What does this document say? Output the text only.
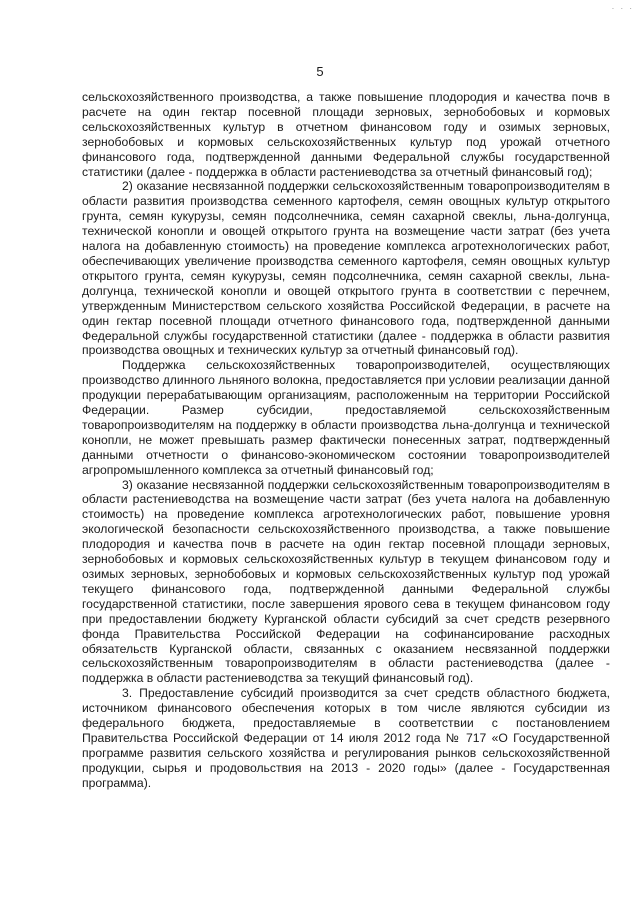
· · ·
5

сельскохозяйственного производства, а также повышение плодородия и качества почв в расчете на один гектар посевной площади зерновых, зернобобовых и кормовых сельскохозяйственных культур в отчетном финансовом году и озимых зерновых, зернобобовых и кормовых сельскохозяйственных культур под урожай отчетного финансового года, подтвержденной данными Федеральной службы государственной статистики (далее - поддержка в области растениеводства за отчетный финансовый год);

2) оказание несвязанной поддержки сельскохозяйственным товаропроизводителям в области развития производства семенного картофеля, семян овощных культур открытого грунта, семян кукурузы, семян подсолнечника, семян сахарной свеклы, льна-долгунца, технической конопли и овощей открытого грунта на возмещение части затрат (без учета налога на добавленную стоимость) на проведение комплекса агротехнологических работ, обеспечивающих увеличение производства семенного картофеля, семян овощных культур открытого грунта, семян кукурузы, семян подсолнечника, семян сахарной свеклы, льна-долгунца, технической конопли и овощей открытого грунта в соответствии с перечнем, утвержденным Министерством сельского хозяйства Российской Федерации, в расчете на один гектар посевной площади отчетного финансового года, подтвержденной данными Федеральной службы государственной статистики (далее - поддержка в области развития производства овощных и технических культур за отчетный финансовый год).

Поддержка сельскохозяйственных товаропроизводителей, осуществляющих производство длинного льняного волокна, предоставляется при условии реализации данной продукции перерабатывающим организациям, расположенным на территории Российской Федерации. Размер субсидии, предоставляемой сельскохозяйственным товаропроизводителям на поддержку в области производства льна-долгунца и технической конопли, не может превышать размер фактически понесенных затрат, подтвержденный данными отчетности о финансово-экономическом состоянии товаропроизводителей агропромышленного комплекса за отчетный финансовый год;

3) оказание несвязанной поддержки сельскохозяйственным товаропроизводителям в области растениеводства на возмещение части затрат (без учета налога на добавленную стоимость) на проведение комплекса агротехнологических работ, повышение уровня экологической безопасности сельскохозяйственного производства, а также повышение плодородия и качества почв в расчете на один гектар посевной площади зерновых, зернобобовых и кормовых сельскохозяйственных культур в текущем финансовом году и озимых зерновых, зернобобовых и кормовых сельскохозяйственных культур под урожай текущего финансового года, подтвержденной данными Федеральной службы государственной статистики, после завершения ярового сева в текущем финансовом году при предоставлении бюджету Курганской области субсидий за счет средств резервного фонда Правительства Российской Федерации на софинансирование расходных обязательств Курганской области, связанных с оказанием несвязанной поддержки сельскохозяйственным товаропроизводителям в области растениеводства (далее - поддержка в области растениеводства за текущий финансовый год).

3. Предоставление субсидий производится за счет средств областного бюджета, источником финансового обеспечения которых в том числе являются субсидии из федерального бюджета, предоставляемые в соответствии с постановлением Правительства Российской Федерации от 14 июля 2012 года № 717 «О Государственной программе развития сельского хозяйства и регулирования рынков сельскохозяйственной продукции, сырья и продовольствия на 2013 - 2020 годы» (далее - Государственная программа).
